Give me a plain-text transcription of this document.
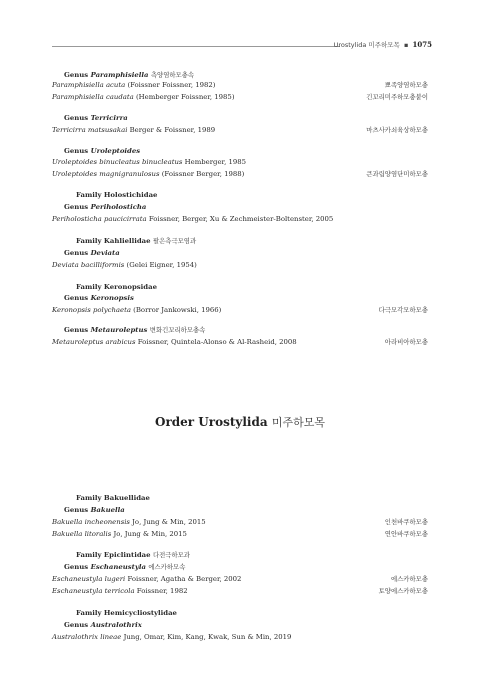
Urostylida 미주하모목  ▪  1075
Genus Paramphisiella 측양염하모충속
Paramphisiella acuta (Foissner Foissner, 1982)	뾰족양염하모충
Paramphisiella caudata (Hemberger Foissner, 1985)	긴꼬리미주하모충붙이
Genus Terricirra
Terricirra matsusakai Berger & Foissner, 1989	마츠사카쇠육상하모충
Genus Uroleptoides
Uroleptoides binucleatus binucleatus Hemberger, 1985
Uroleptoides magnigranulosus (Foissner Berger, 1988)	큰과립양염단미하모충
Family Holostichidae
Genus Periholosticha
Periholosticha paucicirrata Foissner, Berger, Xu & Zechmeister-Boltenster, 2005
Family Kahliellidae 팔은측극모염과
Genus Deviata
Deviata bacilliformis (Gelei Eigner, 1954)
Family Keronopsidae
Genus Keronopsis
Keronopsis polychaeta (Borror Jankowski, 1966)	다극모각모하모충
Genus Metauroleptus 변화긴꼬리하모충속
Metauroleptus arabicus Foissner, Quintela-Alonso & Al-Rasheid, 2008	아라비아하모충
Order Urostylida 미주하모목
Family Bakuellidae
Genus Bakuella
Bakuella incheonensis Jo, Jung & Min, 2015	인천바쿠하모충
Bakuella litoralis Jo, Jung & Min, 2015	연안바쿠하모충
Family Epiclintidae 다전극하모과
Genus Eschaneustyla 에스카하모속
Eschaneustyla lugeri Foissner, Agatha & Berger, 2002	에스카하모충
Eschaneustyla terricola Foissner, 1982	토양에스카하모충
Family Hemicycliostylidae
Genus Australothrix
Australothrix lineae Jung, Omar, Kim, Kang, Kwak, Sun & Min, 2019
